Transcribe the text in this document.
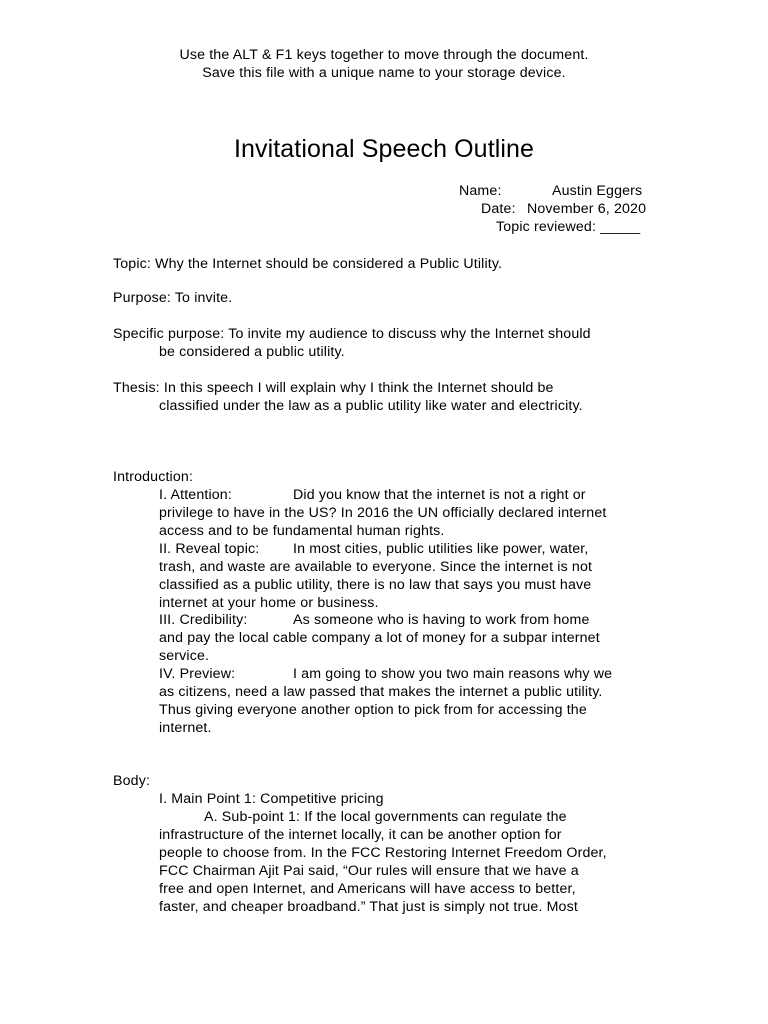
Use the ALT & F1 keys together to move through the document.
Save this file with a unique name to your storage device.
Invitational Speech Outline
Name:	Austin Eggers
Date: November 6, 2020
Topic reviewed: _____
Topic: Why the Internet should be considered a Public Utility.
Purpose: To invite.
Specific purpose: To invite my audience to discuss why the Internet should
be considered a public utility.
Thesis: In this speech I will explain why I think the Internet should be
classified under the law as a public utility like water and electricity.
Introduction:
I. Attention:	Did you know that the internet is not a right or
privilege to have in the US? In 2016 the UN officially declared internet
access and to be fundamental human rights.
II. Reveal topic: In most cities, public utilities like power, water,
trash, and waste are available to everyone. Since the internet is not
classified as a public utility, there is no law that says you must have
internet at your home or business.
III. Credibility:	As someone who is having to work from home
and pay the local cable company a lot of money for a subpar internet
service.
IV. Preview:	I am going to show you two main reasons why we
as citizens, need a law passed that makes the internet a public utility.
Thus giving everyone another option to pick from for accessing the
internet.
Body:
I. Main Point 1: Competitive pricing
A. Sub-point 1: If the local governments can regulate the
infrastructure of the internet locally, it can be another option for
people to choose from. In the FCC Restoring Internet Freedom Order,
FCC Chairman Ajit Pai said, “Our rules will ensure that we have a
free and open Internet, and Americans will have access to better,
faster, and cheaper broadband.” That just is simply not true. Most
